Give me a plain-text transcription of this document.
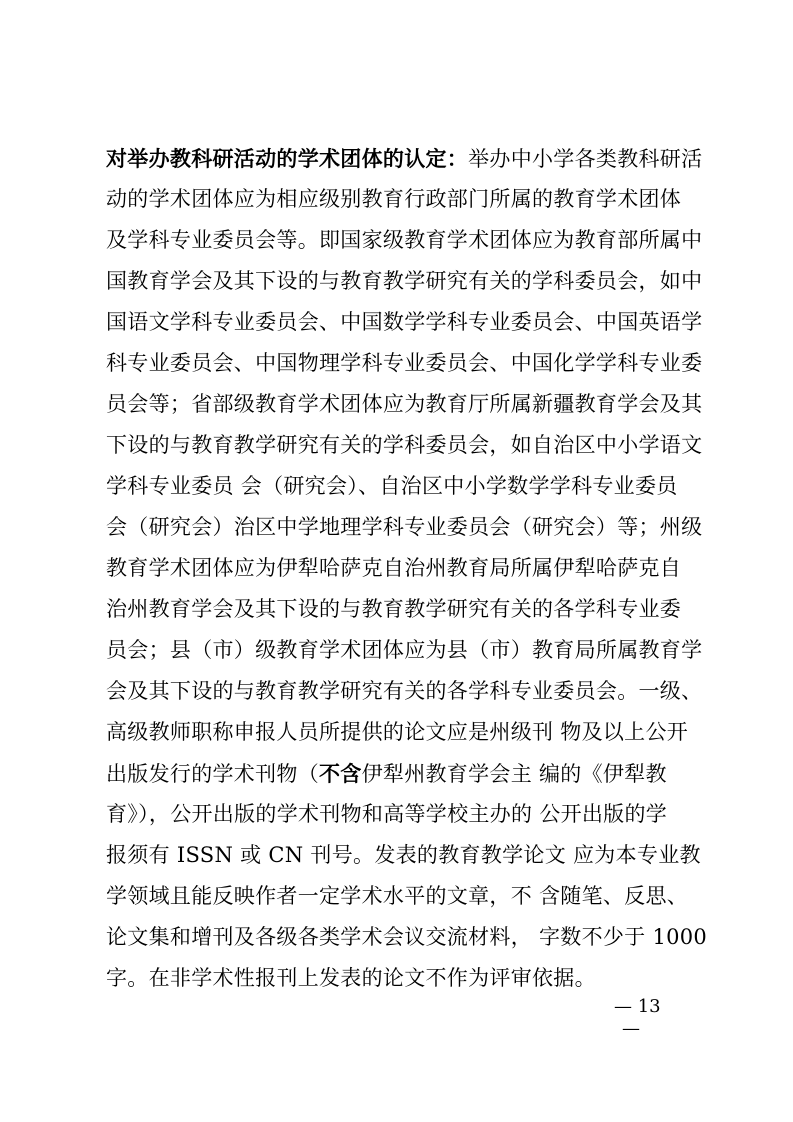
对举办教科研活动的学术团体的认定：举办中小学各类教科研活
动的学术团体应为相应级别教育行政部门所属的教育学术团体
及学科专业委员会等。即国家级教育学术团体应为教育部所属中
国教育学会及其下设的与教育教学研究有关的学科委员会，如中
国语文学科专业委员会、中国数学学科专业委员会、中国英语学
科专业委员会、中国物理学科专业委员会、中国化学学科专业委
员会等；省部级教育学术团体应为教育厅所属新疆教育学会及其
下设的与教育教学研究有关的学科委员会，如自治区中小学语文
学科专业委员 会（研究会）、自治区中小学数学学科专业委员
会（研究会）治区中学地理学科专业委员会（研究会）等；州级
教育学术团体应为伊犁哈萨克自治州教育局所属伊犁哈萨克自
治州教育学会及其下设的与教育教学研究有关的各学科专业委
员会；县（市）级教育学术团体应为县（市）教育局所属教育学
会及其下设的与教育教学研究有关的各学科专业委员会。一级、
高级教师职称申报人员所提供的论文应是州级刊 物及以上公开
出版发行的学术刊物（不含伊犁州教育学会主 编的《伊犁教
育》），公开出版的学术刊物和高等学校主办的 公开出版的学
报须有 ISSN 或 CN 刊号。发表的教育教学论文 应为本专业教
学领域且能反映作者一定学术水平的文章，不 含随笔、反思、
论文集和增刊及各级各类学术会议交流材料， 字数不少于 1000
字。在非学术性报刊上发表的论文不作为评审依据。
— 13
—
